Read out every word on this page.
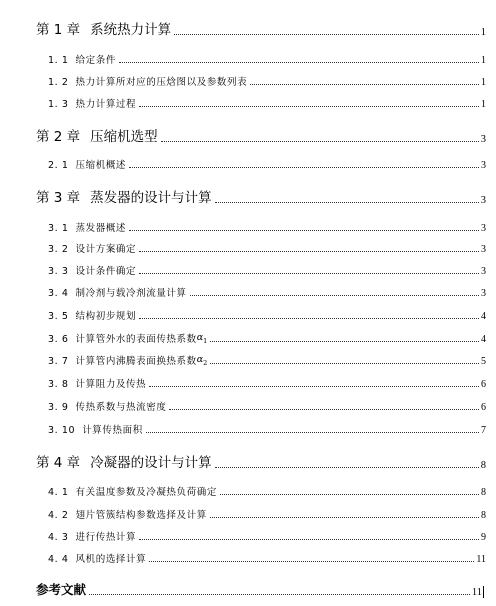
第 1 章 系统热力计算	1
1. 1 给定条件	1
1. 2 热力计算所对应的压焓图以及参数列表	1
1. 3 热力计算过程	1
第 2 章 压缩机选型	3
2. 1 压缩机概述	3
第 3 章 蒸发器的设计与计算	3
3. 1 蒸发器概述	3
3. 2 设计方案确定	3
3. 3 设计条件确定	3
3. 4 制冷剂与载冷剂流量计算	3
3. 5 结构初步规划	4
3. 6 计算管外水的表面传热系数 $\alpha_1$	4
3. 7 计算管内沸腾表面换热系数 $\alpha_2$	5
3. 8 计算阻力及传热	6
3. 9 传热系数与热流密度	6
3. 10 计算传热面积	7
第 4 章 冷凝器的设计与计算	8
4. 1 有关温度参数及冷凝热负荷确定	8
4. 2 翅片管簇结构参数选择及计算	8
4. 3 进行传热计算	9
4. 4 风机的选择计算	11
参考文献	11
